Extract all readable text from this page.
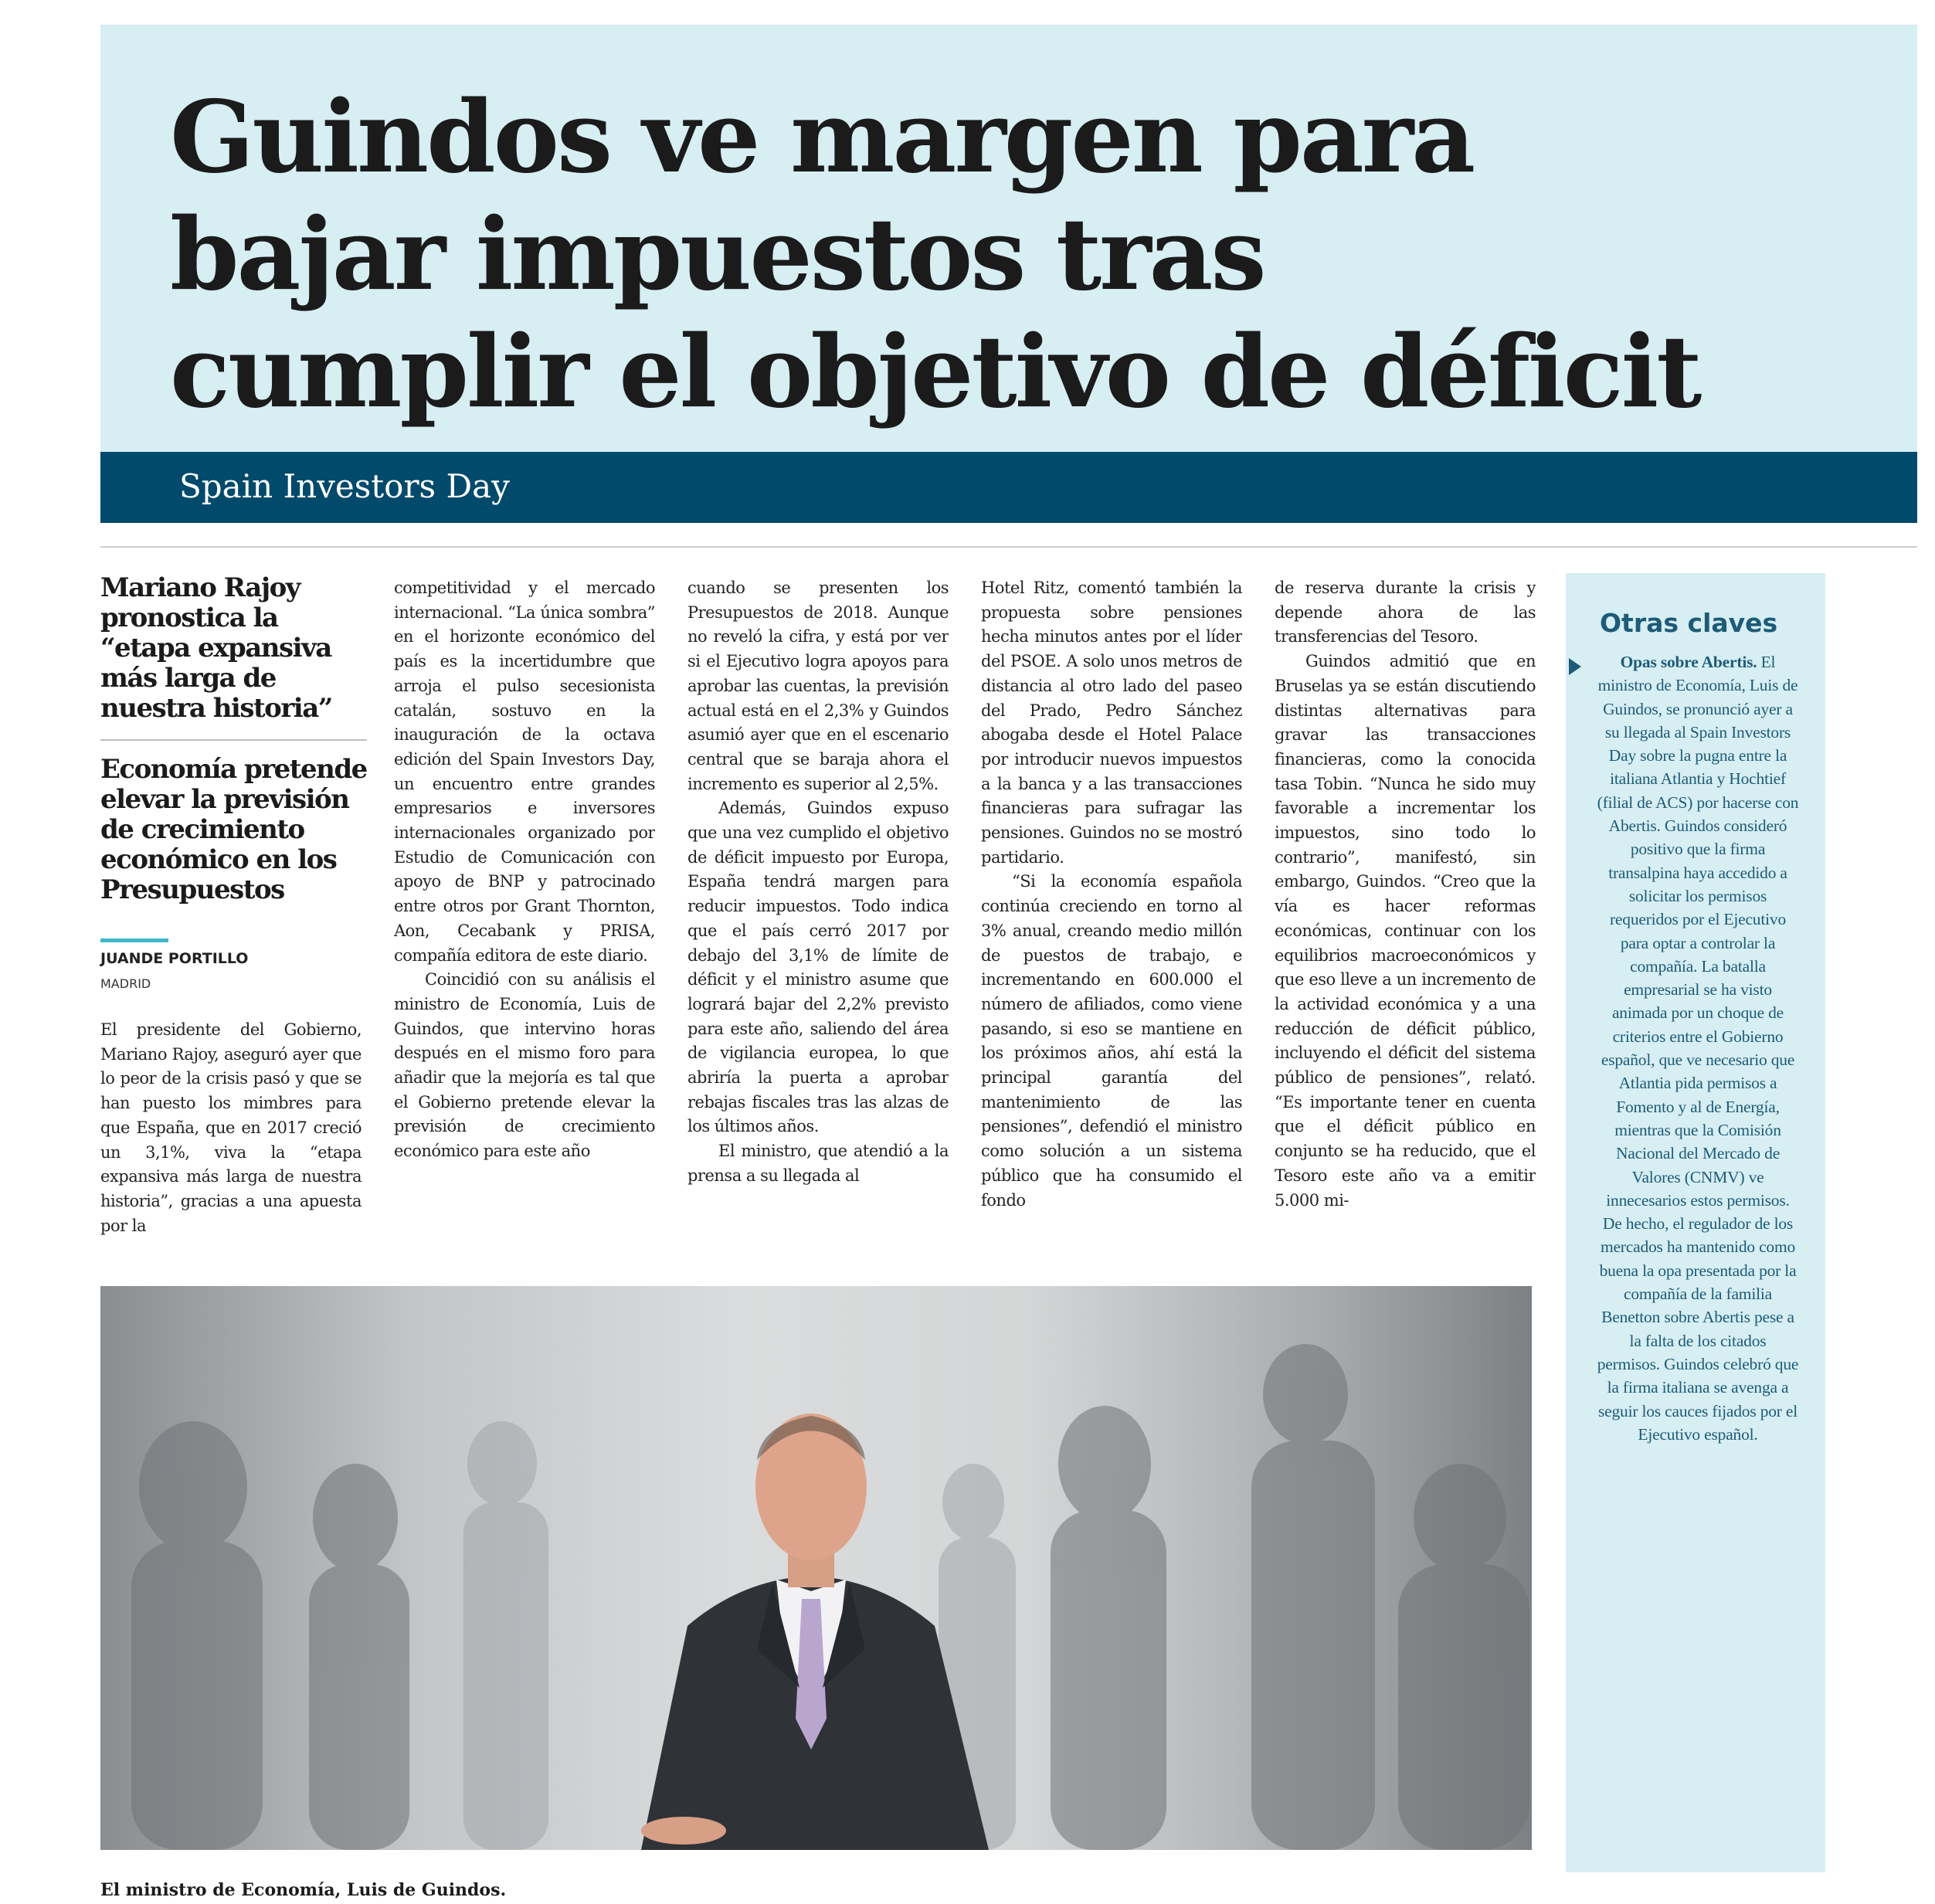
Guindos ve margen para
bajar impuestos tras
cumplir el objetivo de déficit
Spain Investors Day
Mariano Rajoy pronostica la “etapa expansiva más larga de nuestra historia”
Economía pretende elevar la previsión de crecimiento económico en los Presupuestos
JUANDE PORTILLO
MADRID

El presidente del Gobierno, Mariano Rajoy, aseguró ayer que lo peor de la crisis pasó y que se han puesto los mimbres para que España, que en 2017 creció un 3,1%, viva la “etapa expansiva más larga de nuestra historia”, gracias a una apuesta por la

competitividad y el mercado internacional. “La única sombra” en el horizonte económico del país es la incertidumbre que arroja el pulso secesionista catalán, sostuvo en la inauguración de la octava edición del Spain Investors Day, un encuentro entre grandes empresarios e inversores internacionales organizado por Estudio de Comunicación con apoyo de BNP y patrocinado entre otros por Grant Thornton, Aon, Cecabank y PRISA, compañía editora de este diario.

Coincidió con su análisis el ministro de Economía, Luis de Guindos, que intervino horas después en el mismo foro para añadir que la mejoría es tal que el Gobierno pretende elevar la previsión de crecimiento económico para este año

cuando se presenten los Presupuestos de 2018. Aunque no reveló la cifra, y está por ver si el Ejecutivo logra apoyos para aprobar las cuentas, la previsión actual está en el 2,3% y Guindos asumió ayer que en el escenario central que se baraja ahora el incremento es superior al 2,5%.

Además, Guindos expuso que una vez cumplido el objetivo de déficit impuesto por Europa, España tendrá margen para reducir impuestos. Todo indica que el país cerró 2017 por debajo del 3,1% de límite de déficit y el ministro asume que logrará bajar del 2,2% previsto para este año, saliendo del área de vigilancia europea, lo que abriría la puerta a aprobar rebajas fiscales tras las alzas de los últimos años.

El ministro, que atendió a la prensa a su llegada al

Hotel Ritz, comentó también la propuesta sobre pensiones hecha minutos antes por el líder del PSOE. A solo unos metros de distancia al otro lado del paseo del Prado, Pedro Sánchez abogaba desde el Hotel Palace por introducir nuevos impuestos a la banca y a las transacciones financieras para sufragar las pensiones. Guindos no se mostró partidario.

“Si la economía española continúa creciendo en torno al 3% anual, creando medio millón de puestos de trabajo, e incrementando en 600.000 el número de afiliados, como viene pasando, si eso se mantiene en los próximos años, ahí está la principal garantía del mantenimiento de las pensiones”, defendió el ministro como solución a un sistema público que ha consumido el fondo

de reserva durante la crisis y depende ahora de las transferencias del Tesoro.

Guindos admitió que en Bruselas ya se están discutiendo distintas alternativas para gravar las transacciones financieras, como la conocida tasa Tobin. “Nunca he sido muy favorable a incrementar los impuestos, sino todo lo contrario”, manifestó, sin embargo, Guindos. “Creo que la vía es hacer reformas económicas, continuar con los equilibrios macroeconómicos y que eso lleve a un incremento de la actividad económica y a una reducción de déficit público, incluyendo el déficit del sistema público de pensiones”, relató. “Es importante tener en cuenta que el déficit público en conjunto se ha reducido, que el Tesoro este año va a emitir 5.000 mi-

El ministro de Economía, Luis de Guindos.
Otras claves

Opas sobre Abertis. El ministro de Economía, Luis de Guindos, se pronunció ayer a su llegada al Spain Investors Day sobre la pugna entre la italiana Atlantia y Hochtief (filial de ACS) por hacerse con Abertis. Guindos consideró positivo que la firma transalpina haya accedido a solicitar los permisos requeridos por el Ejecutivo para optar a controlar la compañía. La batalla empresarial se ha visto animada por un choque de criterios entre el Gobierno español, que ve necesario que Atlantia pida permisos a Fomento y al de Energía, mientras que la Comisión Nacional del Mercado de Valores (CNMV) ve innecesarios estos permisos. De hecho, el regulador de los mercados ha mantenido como buena la opa presentada por la compañía de la familia Benetton sobre Abertis pese a la falta de los citados permisos. Guindos celebró que la firma italiana se avenga a seguir los cauces fijados por el Ejecutivo español.
